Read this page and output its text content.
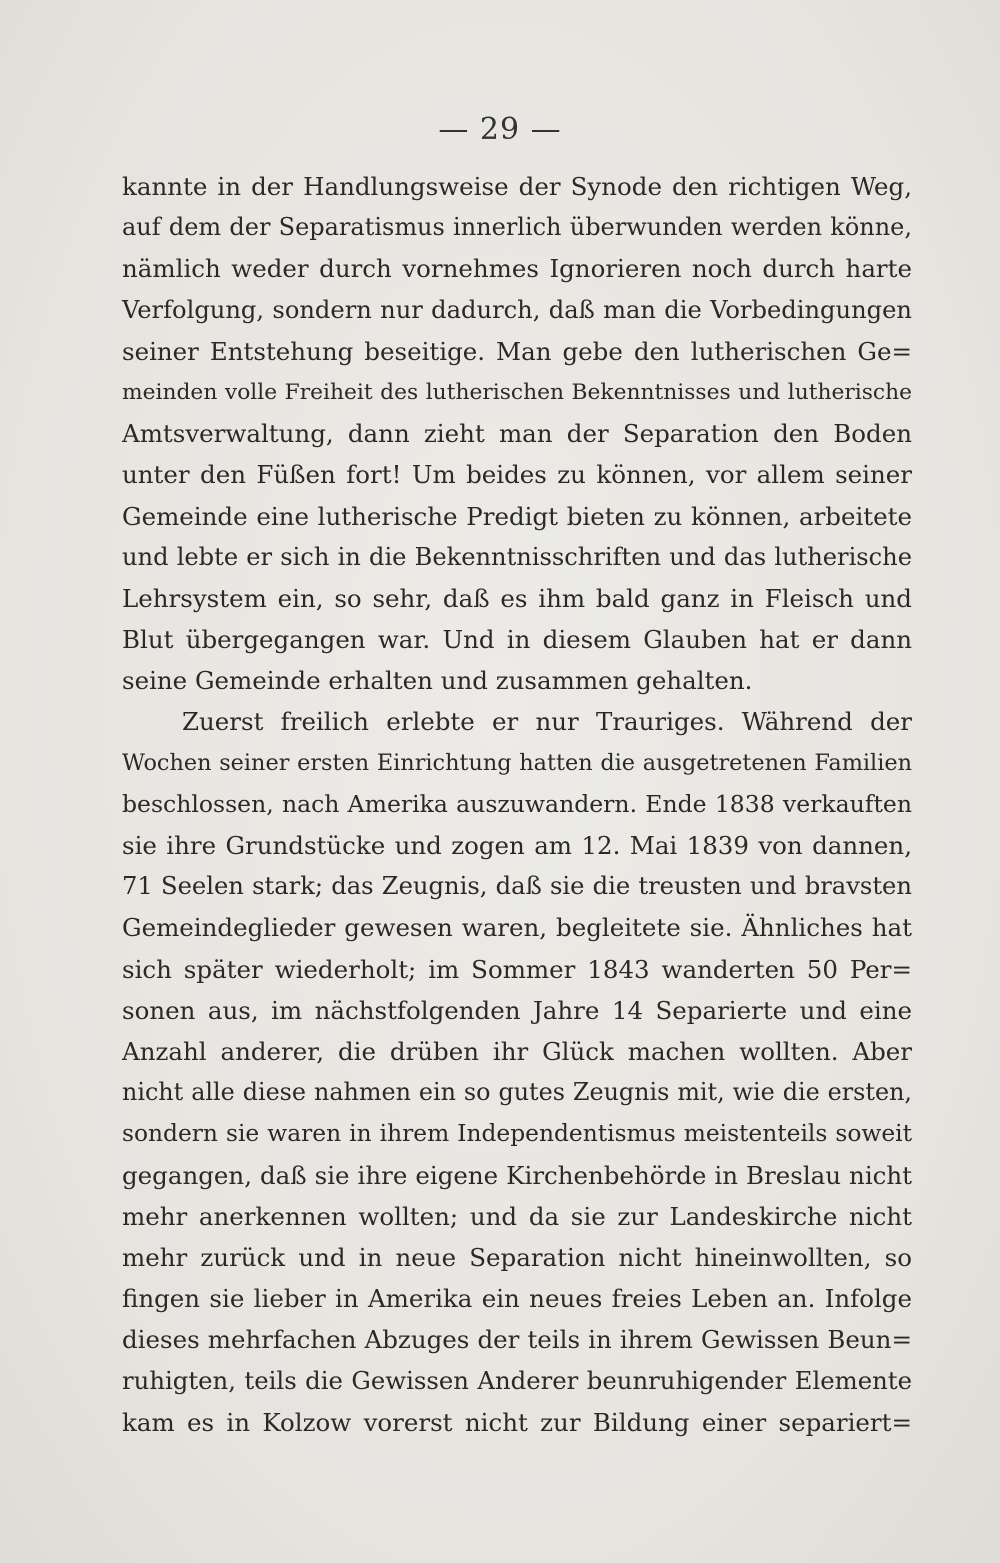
— 29 —
kannte in der Handlungsweise der Synode den richtigen Weg,
auf dem der Separatismus innerlich überwunden werden könne,
nämlich weder durch vornehmes Ignorieren noch durch harte
Verfolgung, sondern nur dadurch, daß man die Vorbedingungen
seiner Entstehung beseitige. Man gebe den lutherischen Ge=
meinden volle Freiheit des lutherischen Bekenntnisses und lutherische
Amtsverwaltung, dann zieht man der Separation den Boden
unter den Füßen fort! Um beides zu können, vor allem seiner
Gemeinde eine lutherische Predigt bieten zu können, arbeitete
und lebte er sich in die Bekenntnisschriften und das lutherische
Lehrsystem ein, so sehr, daß es ihm bald ganz in Fleisch und
Blut übergegangen war. Und in diesem Glauben hat er dann
seine Gemeinde erhalten und zusammen gehalten.
Zuerst freilich erlebte er nur Trauriges. Während der
Wochen seiner ersten Einrichtung hatten die ausgetretenen Familien
beschlossen, nach Amerika auszuwandern. Ende 1838 verkauften
sie ihre Grundstücke und zogen am 12. Mai 1839 von dannen,
71 Seelen stark; das Zeugnis, daß sie die treusten und bravsten
Gemeindeglieder gewesen waren, begleitete sie. Ähnliches hat
sich später wiederholt; im Sommer 1843 wanderten 50 Per=
sonen aus, im nächstfolgenden Jahre 14 Separierte und eine
Anzahl anderer, die drüben ihr Glück machen wollten. Aber
nicht alle diese nahmen ein so gutes Zeugnis mit, wie die ersten,
sondern sie waren in ihrem Independentismus meistenteils soweit
gegangen, daß sie ihre eigene Kirchenbehörde in Breslau nicht
mehr anerkennen wollten; und da sie zur Landeskirche nicht
mehr zurück und in neue Separation nicht hineinwollten, so
fingen sie lieber in Amerika ein neues freies Leben an. Infolge
dieses mehrfachen Abzuges der teils in ihrem Gewissen Beun=
ruhigten, teils die Gewissen Anderer beunruhigender Elemente
kam es in Kolzow vorerst nicht zur Bildung einer separiert=
